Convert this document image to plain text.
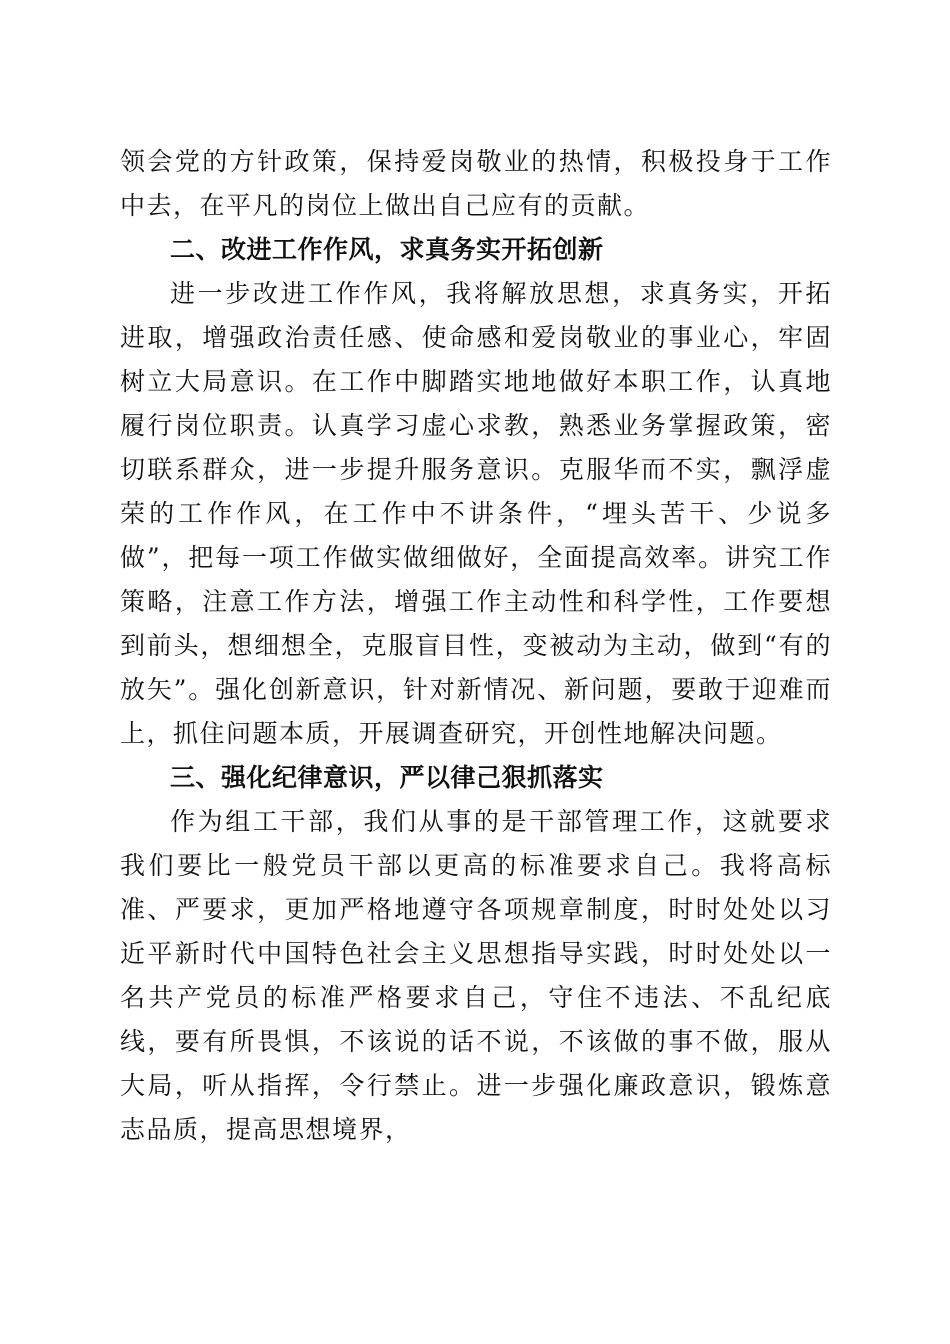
领会党的方针政策，保持爱岗敬业的热情，积极投身于工作中去，在平凡的岗位上做出自己应有的贡献。

二、改进工作作风，求真务实开拓创新

进一步改进工作作风，我将解放思想，求真务实，开拓进取，增强政治责任感、使命感和爱岗敬业的事业心，牢固树立大局意识。在工作中脚踏实地地做好本职工作，认真地履行岗位职责。认真学习虚心求教，熟悉业务掌握政策，密切联系群众，进一步提升服务意识。克服华而不实，飘浮虚荣的工作作风，在工作中不讲条件，“埋头苦干、少说多做”，把每一项工作做实做细做好，全面提高效率。讲究工作策略，注意工作方法，增强工作主动性和科学性，工作要想到前头，想细想全，克服盲目性，变被动为主动，做到“有的放矢”。强化创新意识，针对新情况、新问题，要敢于迎难而上，抓住问题本质，开展调查研究，开创性地解决问题。

三、强化纪律意识，严以律己狠抓落实

作为组工干部，我们从事的是干部管理工作，这就要求我们要比一般党员干部以更高的标准要求自己。我将高标准、严要求，更加严格地遵守各项规章制度，时时处处以习近平新时代中国特色社会主义思想指导实践，时时处处以一名共产党员的标准严格要求自己，守住不违法、不乱纪底线，要有所畏惧，不该说的话不说，不该做的事不做，服从大局，听从指挥，令行禁止。进一步强化廉政意识，锻炼意志品质，提高思想境界，
